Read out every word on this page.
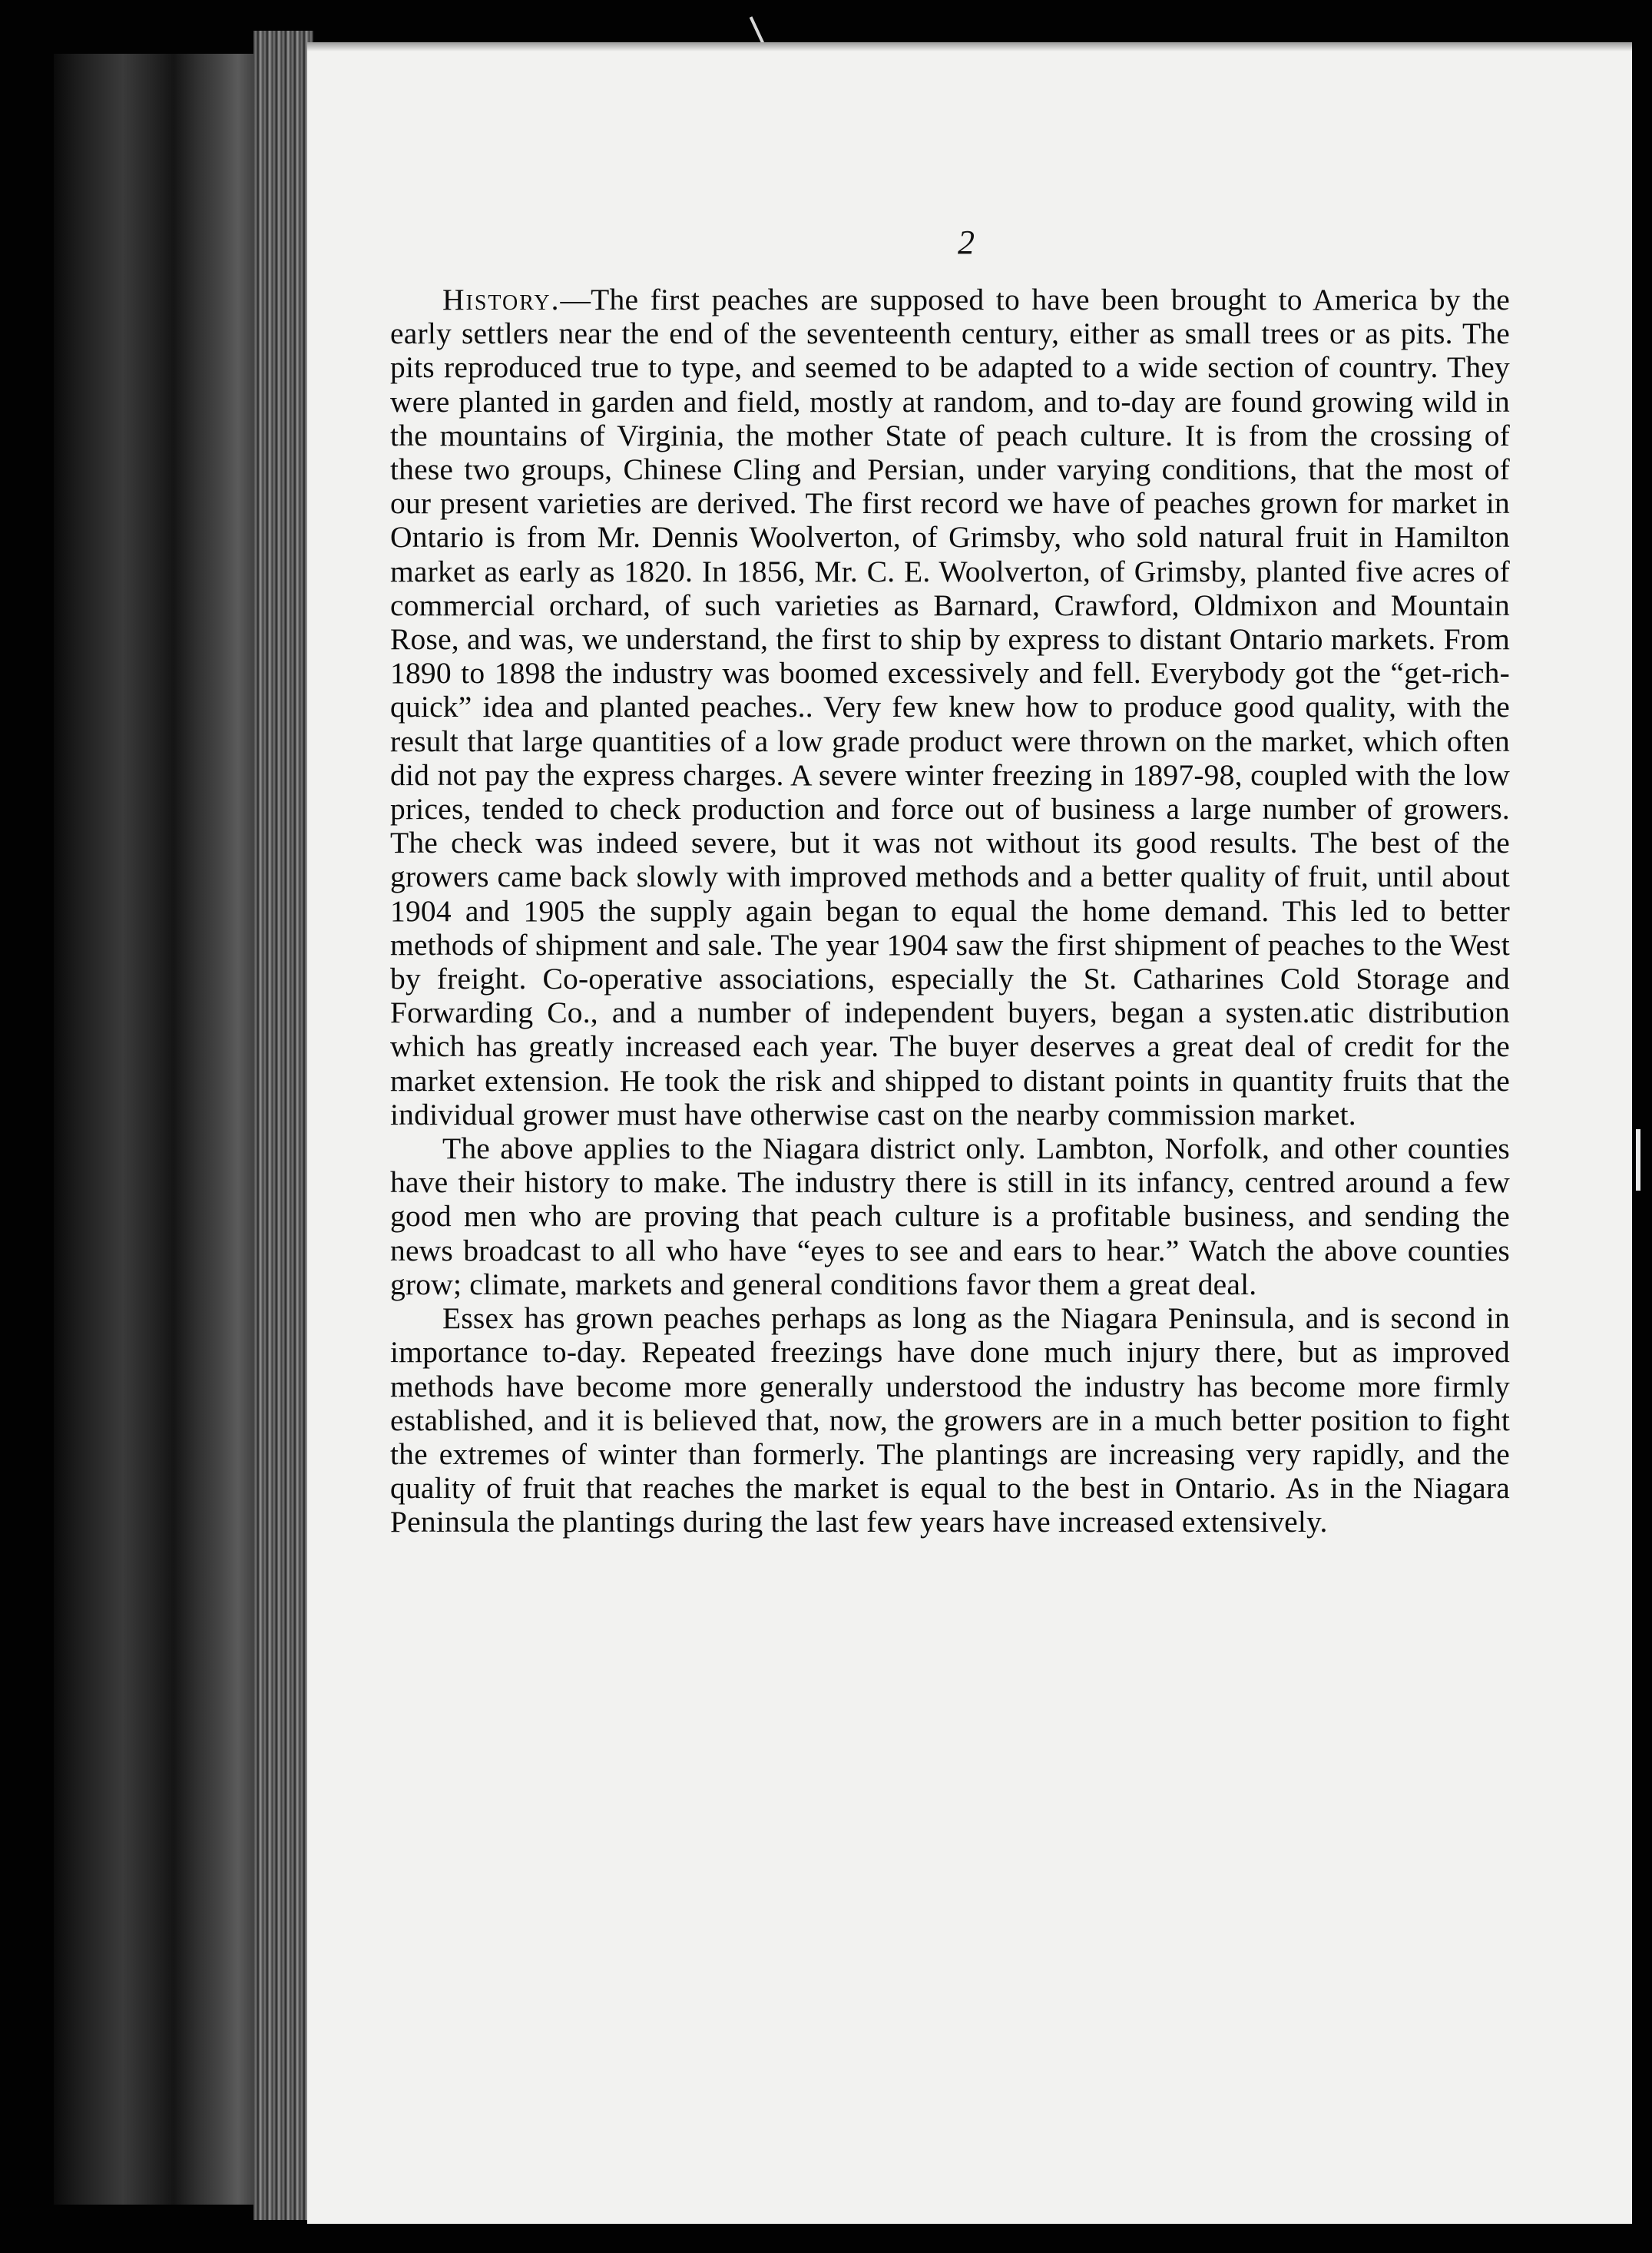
2

History.—The first peaches are supposed to have been brought to America by the early settlers near the end of the seventeenth century, either as small trees or as pits. The pits reproduced true to type, and seemed to be adapted to a wide section of country. They were planted in garden and field, mostly at random, and to-day are found growing wild in the mountains of Virginia, the mother State of peach culture. It is from the crossing of these two groups, Chinese Cling and Persian, under varying conditions, that the most of our present varieties are derived. The first record we have of peaches grown for market in Ontario is from Mr. Dennis Woolverton, of Grimsby, who sold natural fruit in Hamilton market as early as 1820. In 1856, Mr. C. E. Woolverton, of Grimsby, planted five acres of commercial orchard, of such varieties as Barnard, Crawford, Oldmixon and Mountain Rose, and was, we understand, the first to ship by express to distant Ontario markets. From 1890 to 1898 the industry was boomed excessively and fell. Everybody got the “get-rich-quick” idea and planted peaches.. Very few knew how to produce good quality, with the result that large quantities of a low grade product were thrown on the market, which often did not pay the express charges. A severe winter freezing in 1897-98, coupled with the low prices, tended to check production and force out of business a large number of growers. The check was indeed severe, but it was not without its good results. The best of the growers came back slowly with improved methods and a better quality of fruit, until about 1904 and 1905 the supply again began to equal the home demand. This led to better methods of shipment and sale. The year 1904 saw the first shipment of peaches to the West by freight. Co-operative associations, especially the St. Catharines Cold Storage and Forwarding Co., and a number of independent buyers, began a systen.atic distribution which has greatly increased each year. The buyer deserves a great deal of credit for the market extension. He took the risk and shipped to distant points in quantity fruits that the individual grower must have otherwise cast on the nearby commission market.

The above applies to the Niagara district only. Lambton, Norfolk, and other counties have their history to make. The industry there is still in its infancy, centred around a few good men who are proving that peach culture is a profitable business, and sending the news broadcast to all who have “eyes to see and ears to hear.” Watch the above counties grow; climate, markets and general conditions favor them a great deal.

Essex has grown peaches perhaps as long as the Niagara Peninsula, and is second in importance to-day. Repeated freezings have done much injury there, but as improved methods have become more generally understood the industry has become more firmly established, and it is believed that, now, the growers are in a much better position to fight the extremes of winter than formerly. The plantings are increasing very rapidly, and the quality of fruit that reaches the market is equal to the best in Ontario. As in the Niagara Peninsula the plantings during the last few years have increased extensively.
